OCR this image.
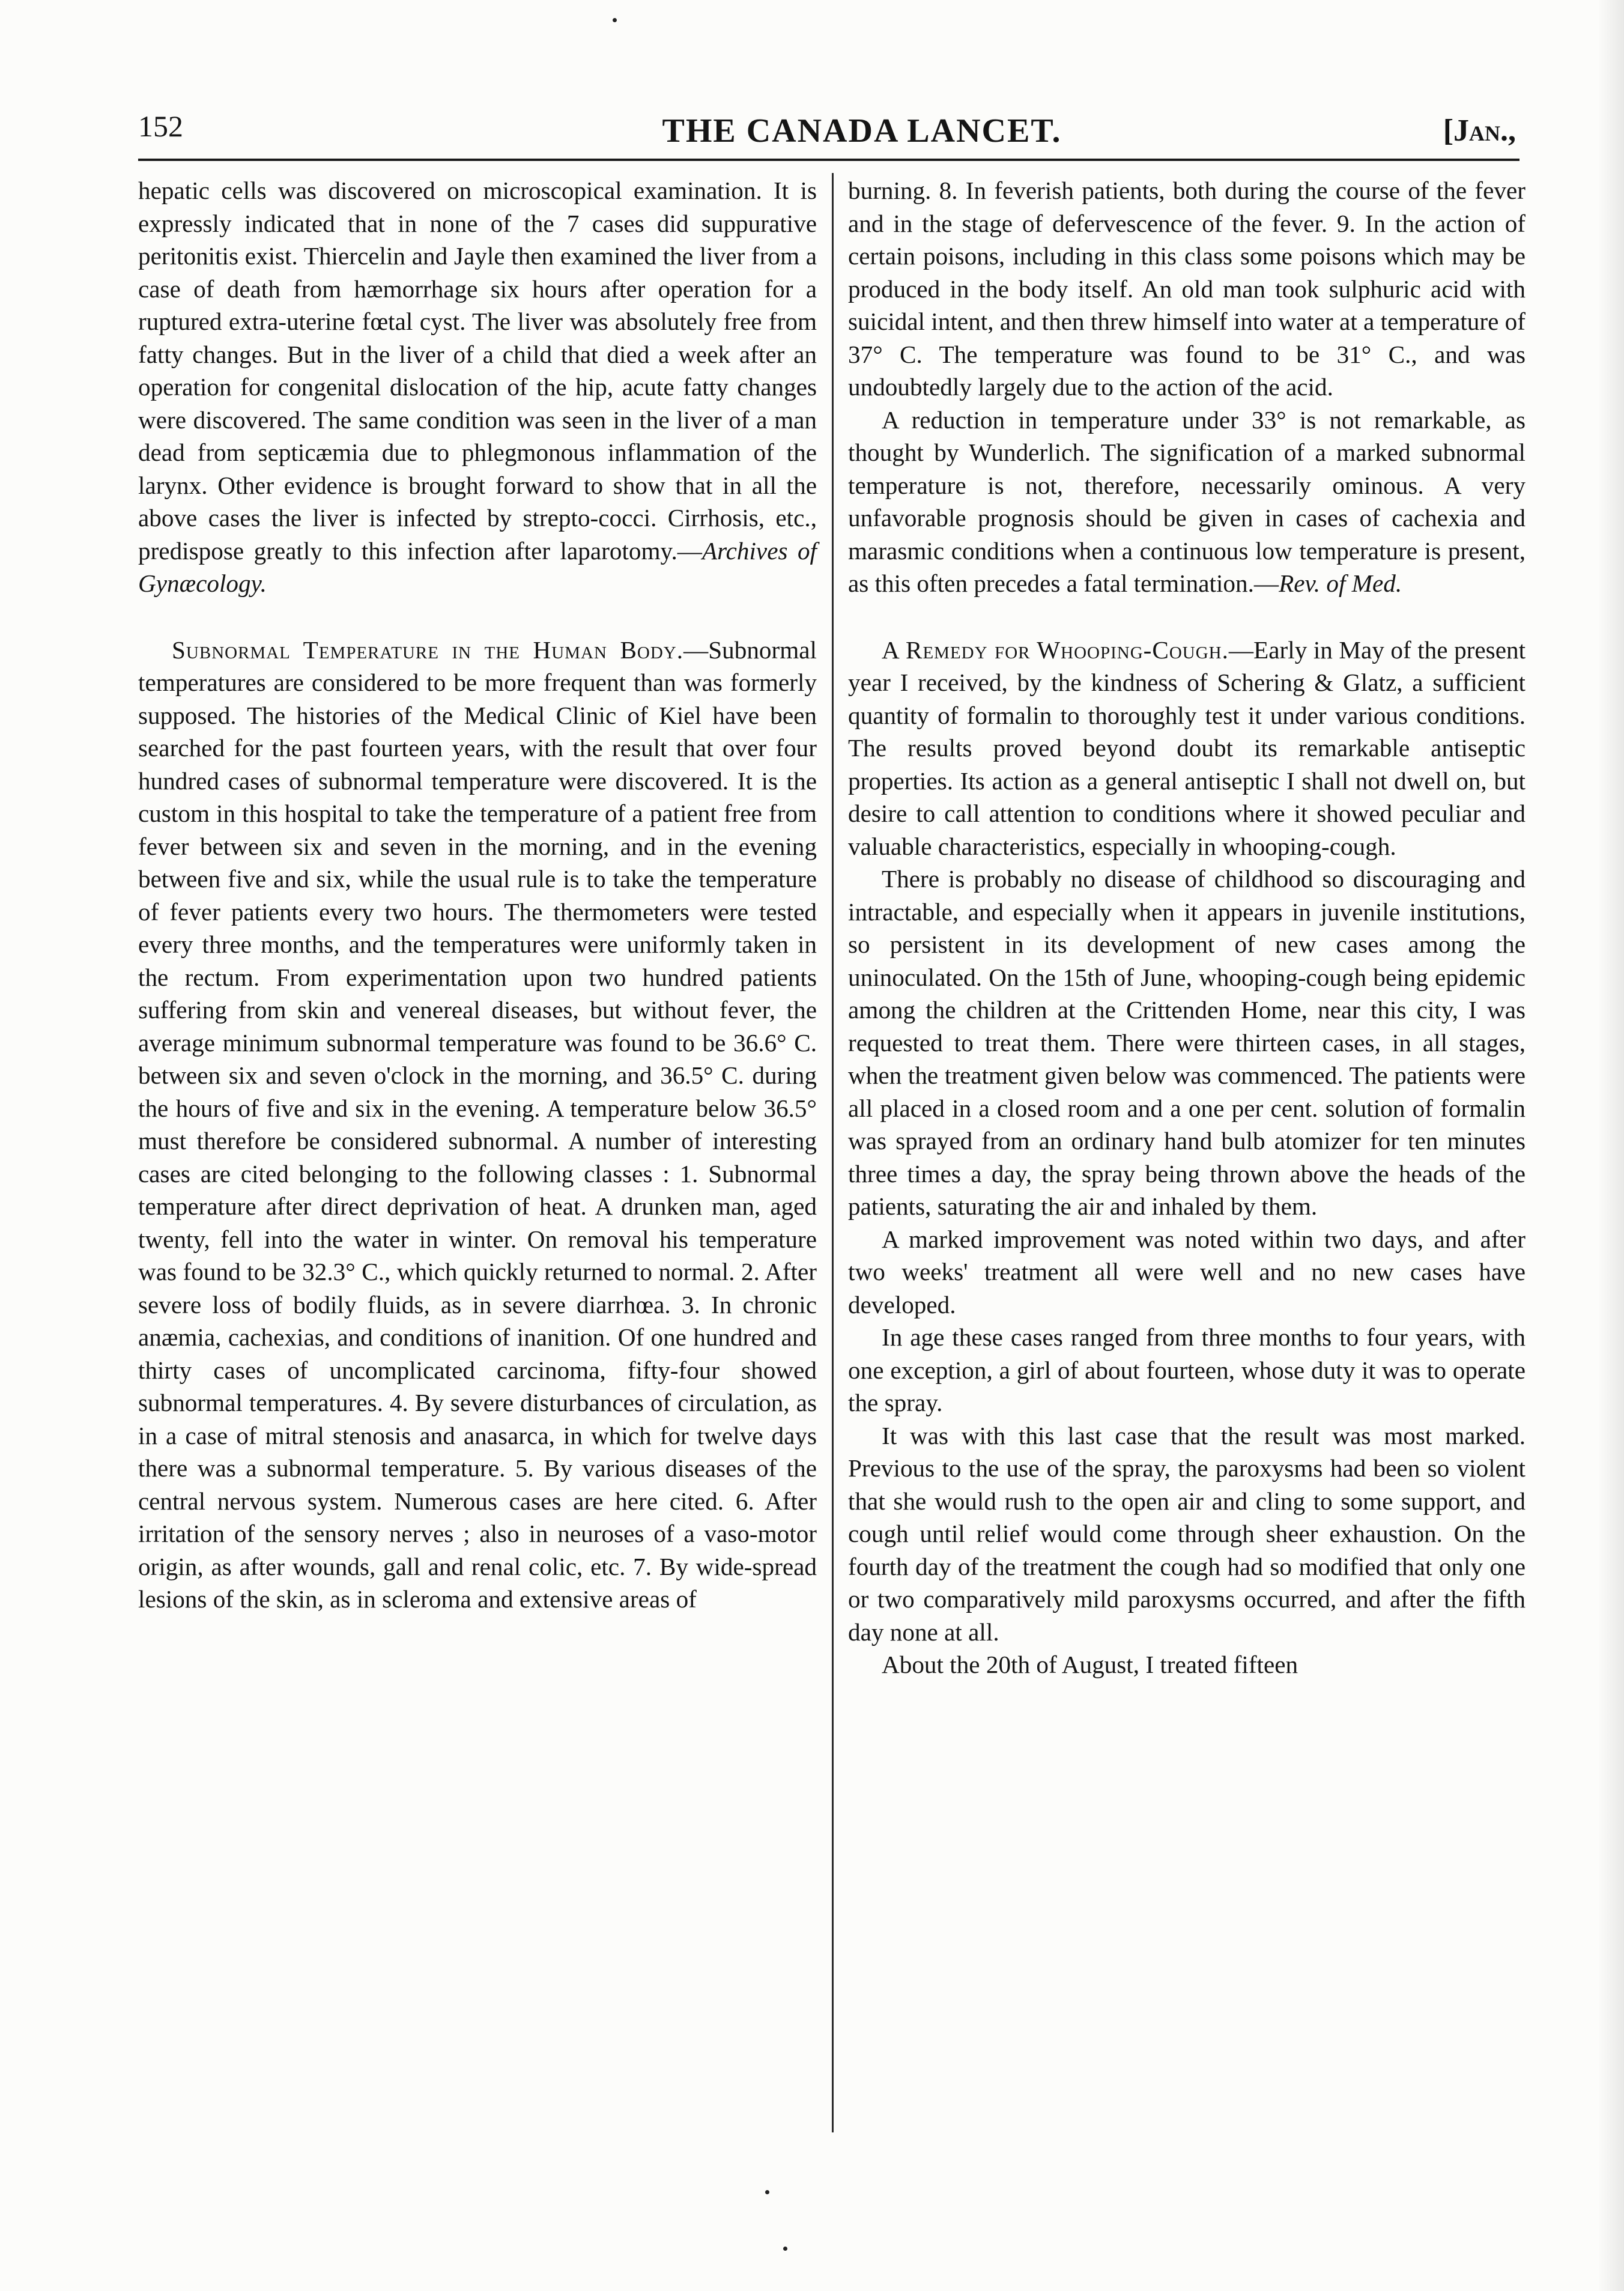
152	THE CANADA LANCET.	[Jan.,

hepatic cells was discovered on microscopical examination. It is expressly indicated that in none of the 7 cases did suppurative peritonitis exist. Thiercelin and Jayle then examined the liver from a case of death from hæmorrhage six hours after operation for a ruptured extra-uterine fœtal cyst. The liver was absolutely free from fatty changes. But in the liver of a child that died a week after an operation for congenital dislocation of the hip, acute fatty changes were discovered. The same condition was seen in the liver of a man dead from septicæmia due to phlegmonous inflammation of the larynx. Other evidence is brought forward to show that in all the above cases the liver is infected by strepto-cocci. Cirrhosis, etc., predispose greatly to this infection after laparotomy.—Archives of Gynæcology.

Subnormal Temperature in the Human Body.—Subnormal temperatures are considered to be more frequent than was formerly supposed. The histories of the Medical Clinic of Kiel have been searched for the past fourteen years, with the result that over four hundred cases of subnormal temperature were discovered. It is the custom in this hospital to take the temperature of a patient free from fever between six and seven in the morning, and in the evening between five and six, while the usual rule is to take the temperature of fever patients every two hours. The thermometers were tested every three months, and the temperatures were uniformly taken in the rectum. From experimentation upon two hundred patients suffering from skin and venereal diseases, but without fever, the average minimum subnormal temperature was found to be 36.6° C. between six and seven o'clock in the morning, and 36.5° C. during the hours of five and six in the evening. A temperature below 36.5° must therefore be considered subnormal. A number of interesting cases are cited belonging to the following classes : 1. Subnormal temperature after direct deprivation of heat. A drunken man, aged twenty, fell into the water in winter. On removal his temperature was found to be 32.3° C., which quickly returned to normal. 2. After severe loss of bodily fluids, as in severe diarrhœa. 3. In chronic anæmia, cachexias, and conditions of inanition. Of one hundred and thirty cases of uncomplicated carcinoma, fifty-four showed subnormal temperatures. 4. By severe disturbances of circulation, as in a case of mitral stenosis and anasarca, in which for twelve days there was a subnormal temperature. 5. By various diseases of the central nervous system. Numerous cases are here cited. 6. After irritation of the sensory nerves ; also in neuroses of a vaso-motor origin, as after wounds, gall and renal colic, etc. 7. By wide-spread lesions of the skin, as in scleroma and extensive areas of

burning. 8. In feverish patients, both during the course of the fever and in the stage of defervescence of the fever. 9. In the action of certain poisons, including in this class some poisons which may be produced in the body itself. An old man took sulphuric acid with suicidal intent, and then threw himself into water at a temperature of 37° C. The temperature was found to be 31° C., and was undoubtedly largely due to the action of the acid.

A reduction in temperature under 33° is not remarkable, as thought by Wunderlich. The signification of a marked subnormal temperature is not, therefore, necessarily ominous. A very unfavorable prognosis should be given in cases of cachexia and marasmic conditions when a continuous low temperature is present, as this often precedes a fatal termination.—Rev. of Med.

A Remedy for Whooping-Cough.—Early in May of the present year I received, by the kindness of Schering & Glatz, a sufficient quantity of formalin to thoroughly test it under various conditions. The results proved beyond doubt its remarkable antiseptic properties. Its action as a general antiseptic I shall not dwell on, but desire to call attention to conditions where it showed peculiar and valuable characteristics, especially in whooping-cough.

There is probably no disease of childhood so discouraging and intractable, and especially when it appears in juvenile institutions, so persistent in its development of new cases among the uninoculated. On the 15th of June, whooping-cough being epidemic among the children at the Crittenden Home, near this city, I was requested to treat them. There were thirteen cases, in all stages, when the treatment given below was commenced. The patients were all placed in a closed room and a one per cent. solution of formalin was sprayed from an ordinary hand bulb atomizer for ten minutes three times a day, the spray being thrown above the heads of the patients, saturating the air and inhaled by them.

A marked improvement was noted within two days, and after two weeks' treatment all were well and no new cases have developed.

In age these cases ranged from three months to four years, with one exception, a girl of about fourteen, whose duty it was to operate the spray.

It was with this last case that the result was most marked. Previous to the use of the spray, the paroxysms had been so violent that she would rush to the open air and cling to some support, and cough until relief would come through sheer exhaustion. On the fourth day of the treatment the cough had so modified that only one or two comparatively mild paroxysms occurred, and after the fifth day none at all.

About the 20th of August, I treated fifteen
